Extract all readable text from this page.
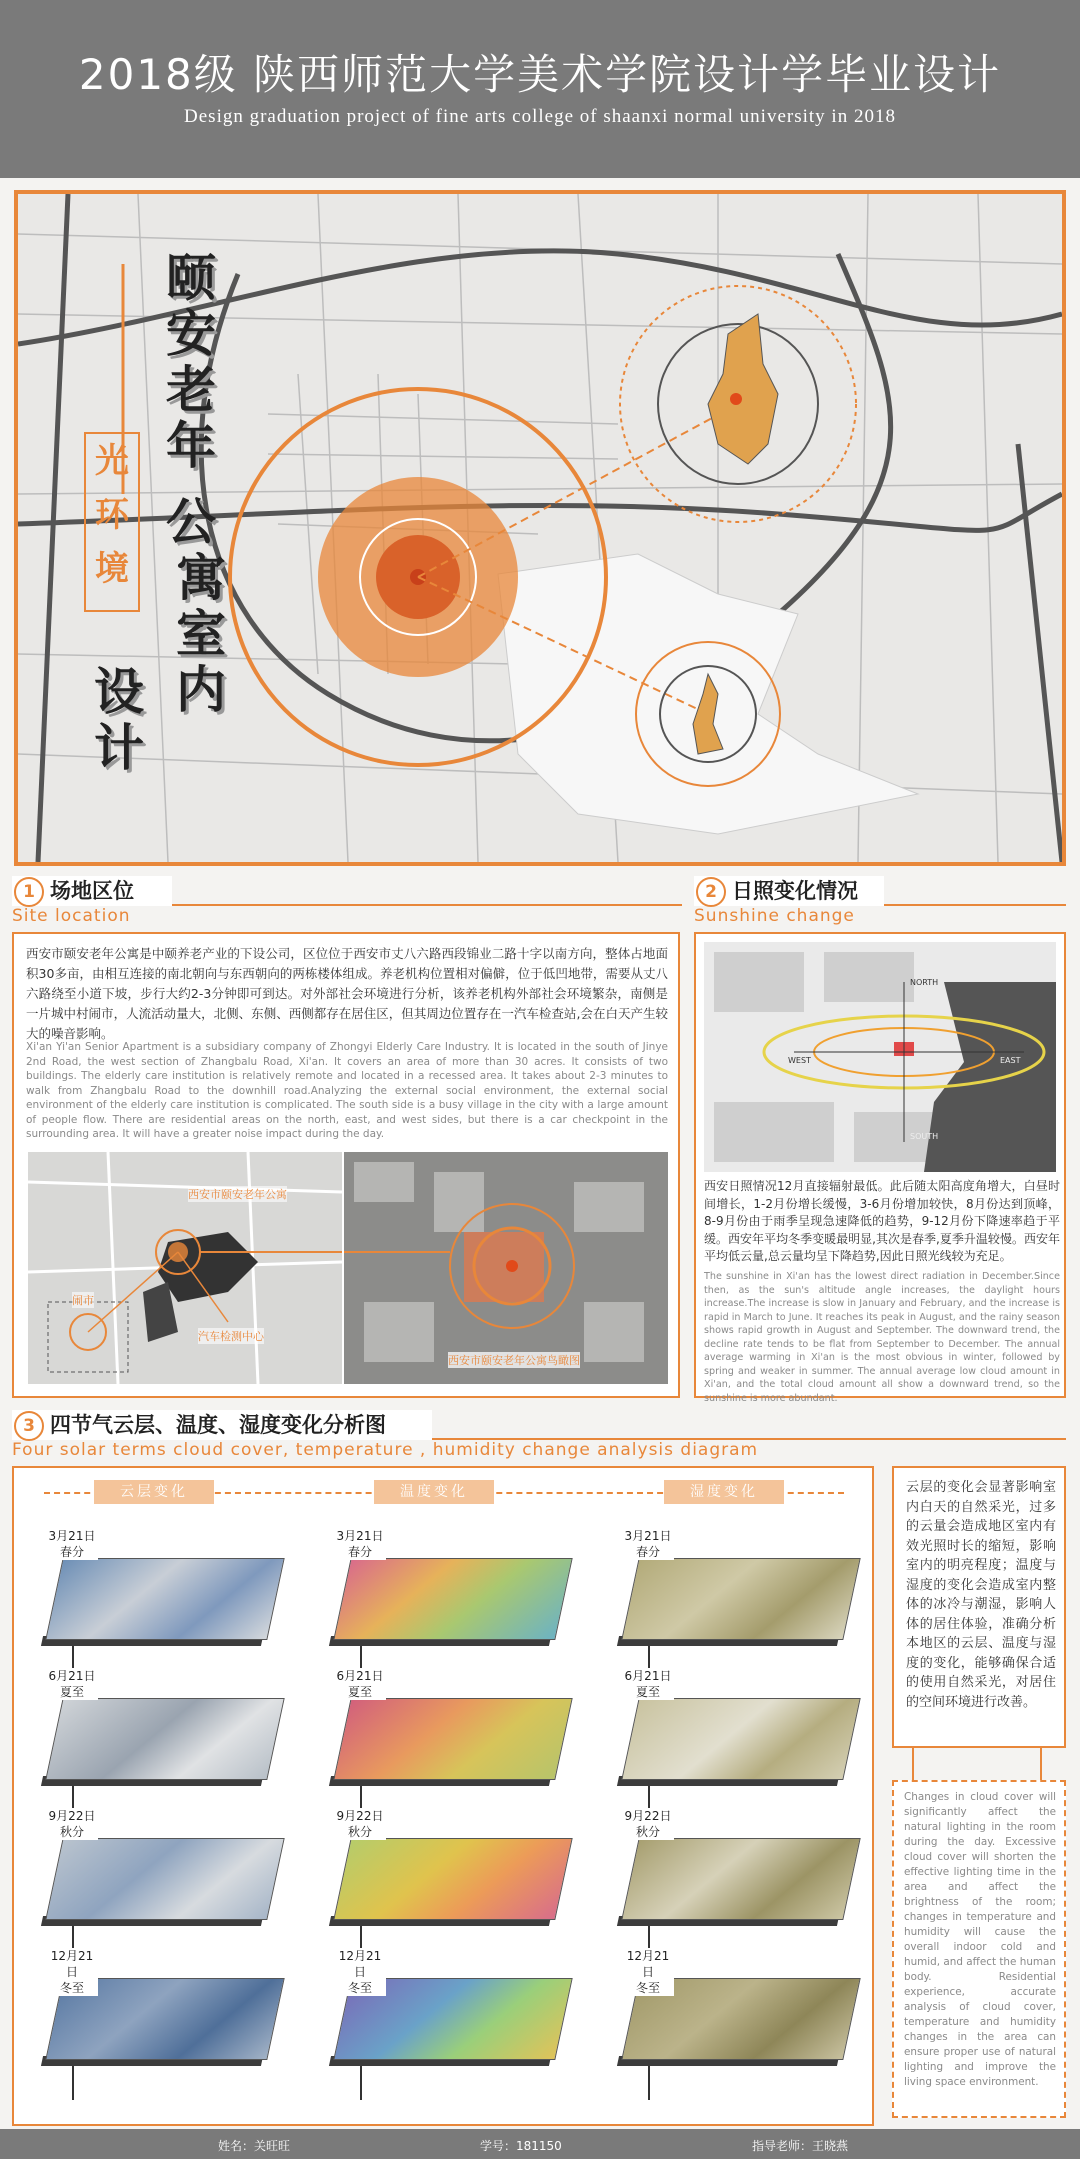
2018级 陕西师范大学美术学院设计学毕业设计
Design graduation project of fine arts college of shaanxi normal university in 2018
颐
安
老
年
公
寓
室
内
光
环
境
设
计
1 场地区位
Site location
西安市颐安老年公寓是中颐养老产业的下设公司，区位位于西安市丈八六路西段锦业二路十字以南方向，整体占地面积30多亩，由相互连接的南北朝向与东西朝向的两栋楼体组成。养老机构位置相对偏僻，位于低凹地带，需要从丈八六路绕至小道下坡，步行大约2-3分钟即可到达。对外部社会环境进行分析，该养老机构外部社会环境繁杂，南侧是一片城中村闹市，人流活动量大，北侧、东侧、西侧都存在居住区，但其周边位置存在一汽车检查站,会在白天产生较大的噪音影响。
Xi'an Yi'an Senior Apartment is a subsidiary company of Zhongyi Elderly Care Industry. It is located in the south of Jinye 2nd Road, the west section of Zhangbalu Road, Xi'an. It covers an area of more than 30 acres. It consists of two buildings. The elderly care institution is relatively remote and located in a recessed area. It takes about 2-3 minutes to walk from Zhangbalu Road to the downhill road.Analyzing the external social environment, the external social environment of the elderly care institution is complicated. The south side is a busy village in the city with a large amount of people flow. There are residential areas on the north, east, and west sides, but there is a car checkpoint in the surrounding area. It will have a greater noise impact during the day.
西安市颐安老年公寓
闹市
汽车检测中心
西安市颐安老年公寓鸟瞰图
2 日照变化情况
Sunshine change
NORTH
SOUTH
EAST
WEST
西安日照情况12月直接辐射最低。此后随太阳高度角增大，白昼时间增长，1-2月份增长缓慢，3-6月份增加较快，8月份达到顶峰，8-9月份由于雨季呈现急速降低的趋势，9-12月份下降速率趋于平缓。西安年平均冬季变暖最明显,其次是春季,夏季升温较慢。西安年平均低云量,总云量均呈下降趋势,因此日照光线较为充足。
The sunshine in Xi'an has the lowest direct radiation in December.Since then, as the sun's altitude angle increases, the daylight hours increase.The increase is slow in January and February, and the increase is rapid in March to June. It reaches its peak in August, and the rainy season shows rapid growth in August and September. The downward trend, the decline rate tends to be flat from September to December. The annual average warming in Xi'an is the most obvious in winter, followed by spring and weaker in summer. The annual average low cloud amount in Xi'an, and the total cloud amount all show a downward trend, so the sunshine is more abundant.
3 四节气云层、温度、湿度变化分析图
Four solar terms cloud cover, temperature , humidity change analysis diagram
云层变化	温度变化	湿度变化
3月21日
春分
6月21日
夏至
9月22日
秋分
12月21日
冬至
3月21日
春分
6月21日
夏至
9月22日
秋分
12月21日
冬至
3月21日
春分
6月21日
夏至
9月22日
秋分
12月21日
冬至
云层的变化会显著影响室内白天的自然采光，过多的云量会造成地区室内有效光照时长的缩短，影响室内的明亮程度；温度与湿度的变化会造成室内整体的冰冷与潮湿，影响人体的居住体验，准确分析本地区的云层、温度与湿度的变化，能够确保合适的使用自然采光，对居住的空间环境进行改善。
Changes in cloud cover will significantly affect the natural lighting in the room during the day. Excessive cloud cover will shorten the effective lighting time in the area and affect the brightness of the room; changes in temperature and humidity will cause the overall indoor cold and humid, and affect the human body. Residential experience, accurate analysis of cloud cover, temperature and humidity changes in the area can ensure proper use of natural lighting and improve the living space environment.
姓名：关旺旺	学号：181150	指导老师：王晓燕
